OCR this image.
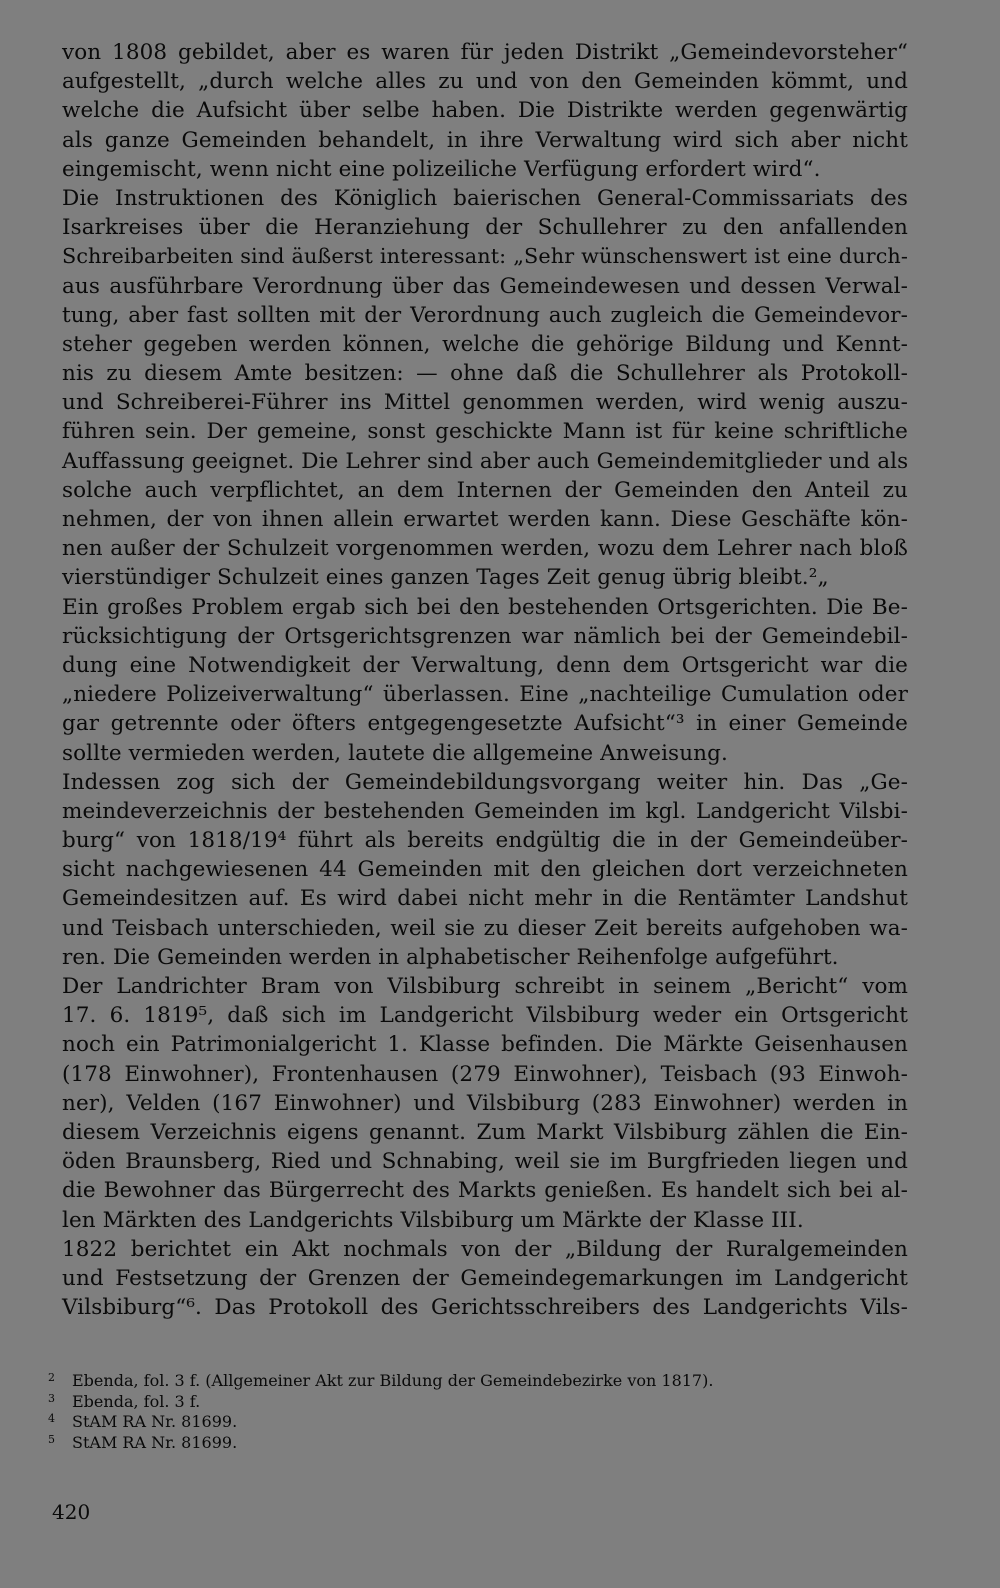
von 1808 gebildet, aber es waren für jeden Distrikt „Gemeindevorsteher“
aufgestellt, „durch welche alles zu und von den Gemeinden kömmt, und
welche die Aufsicht über selbe haben. Die Distrikte werden gegenwärtig
als ganze Gemeinden behandelt, in ihre Verwaltung wird sich aber nicht
eingemischt, wenn nicht eine polizeiliche Verfügung erfordert wird“.
Die Instruktionen des Königlich baierischen General-Commissariats des
Isarkreises über die Heranziehung der Schullehrer zu den anfallenden
Schreibarbeiten sind äußerst interessant: „Sehr wünschenswert ist eine durch-
aus ausführbare Verordnung über das Gemeindewesen und dessen Verwal-
tung, aber fast sollten mit der Verordnung auch zugleich die Gemeindevor-
steher gegeben werden können, welche die gehörige Bildung und Kennt-
nis zu diesem Amte besitzen: — ohne daß die Schullehrer als Protokoll-
und Schreiberei-Führer ins Mittel genommen werden, wird wenig auszu-
führen sein. Der gemeine, sonst geschickte Mann ist für keine schriftliche
Auffassung geeignet. Die Lehrer sind aber auch Gemeindemitglieder und als
solche auch verpflichtet, an dem Internen der Gemeinden den Anteil zu
nehmen, der von ihnen allein erwartet werden kann. Diese Geschäfte kön-
nen außer der Schulzeit vorgenommen werden, wozu dem Lehrer nach bloß
vierstündiger Schulzeit eines ganzen Tages Zeit genug übrig bleibt.²„
Ein großes Problem ergab sich bei den bestehenden Ortsgerichten. Die Be-
rücksichtigung der Ortsgerichtsgrenzen war nämlich bei der Gemeindebil-
dung eine Notwendigkeit der Verwaltung, denn dem Ortsgericht war die
„niedere Polizeiverwaltung“ überlassen. Eine „nachteilige Cumulation oder
gar getrennte oder öfters entgegengesetzte Aufsicht“³ in einer Gemeinde
sollte vermieden werden, lautete die allgemeine Anweisung.
Indessen zog sich der Gemeindebildungsvorgang weiter hin. Das „Ge-
meindeverzeichnis der bestehenden Gemeinden im kgl. Landgericht Vilsbi-
burg“ von 1818/19⁴ führt als bereits endgültig die in der Gemeindeüber-
sicht nachgewiesenen 44 Gemeinden mit den gleichen dort verzeichneten
Gemeindesitzen auf. Es wird dabei nicht mehr in die Rentämter Landshut
und Teisbach unterschieden, weil sie zu dieser Zeit bereits aufgehoben wa-
ren. Die Gemeinden werden in alphabetischer Reihenfolge aufgeführt.
Der Landrichter Bram von Vilsbiburg schreibt in seinem „Bericht“ vom
17. 6. 1819⁵, daß sich im Landgericht Vilsbiburg weder ein Ortsgericht
noch ein Patrimonialgericht 1. Klasse befinden. Die Märkte Geisenhausen
(178 Einwohner), Frontenhausen (279 Einwohner), Teisbach (93 Einwoh-
ner), Velden (167 Einwohner) und Vilsbiburg (283 Einwohner) werden in
diesem Verzeichnis eigens genannt. Zum Markt Vilsbiburg zählen die Ein-
öden Braunsberg, Ried und Schnabing, weil sie im Burgfrieden liegen und
die Bewohner das Bürgerrecht des Markts genießen. Es handelt sich bei al-
len Märkten des Landgerichts Vilsbiburg um Märkte der Klasse III.
1822 berichtet ein Akt nochmals von der „Bildung der Ruralgemeinden
und Festsetzung der Grenzen der Gemeindegemarkungen im Landgericht
Vilsbiburg“⁶. Das Protokoll des Gerichtsschreibers des Landgerichts Vils-
2 Ebenda, fol. 3 f. (Allgemeiner Akt zur Bildung der Gemeindebezirke von 1817).
3 Ebenda, fol. 3 f.
4 StAM RA Nr. 81699.
5 StAM RA Nr. 81699.
420
